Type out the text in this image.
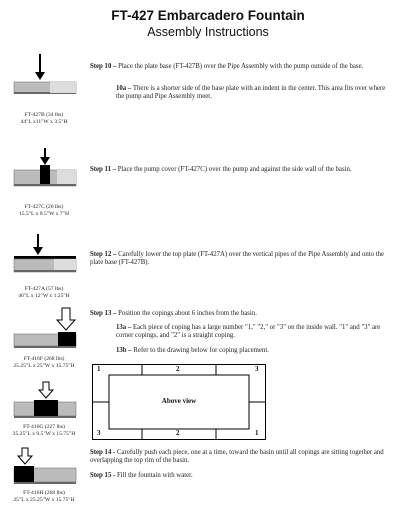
FT-427 Embarcadero Fountain
Assembly Instructions
FT-427B (34 lbs)
44"L x11"W x 3.5"H
FT-427C (26 lbs)
15.5"L x 8.5"W x 7"H
FT-427A (57 lbs)
46"L x 12"W x 1.25"H
FT-416F (268 lbs)
25.25"L x 25"W x 15.75"H
FT-416G (227 lbs)
35.25"L x 9.5"W x 15.75"H
FT-416H (268 lbs)
25"L x 25.25"W x 15.75"H
Step 10 – Place the plate base (FT-427B) over the Pipe Assembly with the pump outside of the base.
10a – There is a shorter side of the base plate with an indent in the center. This area fits over where the pump and Pipe Assembly meet.
Step 11 – Place the pump cover (FT-427C) over the pump and against the side wall of the basin.
Step 12 – Carefully lower the top plate (FT-427A) over the vertical pipes of the Pipe Assembly and onto the plate base (FT-427B).
Step 13 – Position the copings about 6 inches from the basin.
13a – Each piece of coping has a large number "1," "2," or "3" on the inside wall. "1" and "3" are corner copings, and "2" is a straight coping.
13b – Refer to the drawing below for coping placement.
1	2	3
3	2	1
Above view
Step 14 - Carefully push each piece, one at a time, toward the basin until all copings are sitting together and overlapping the top rim of the basin.
Step 15 - Fill the fountain with water.
